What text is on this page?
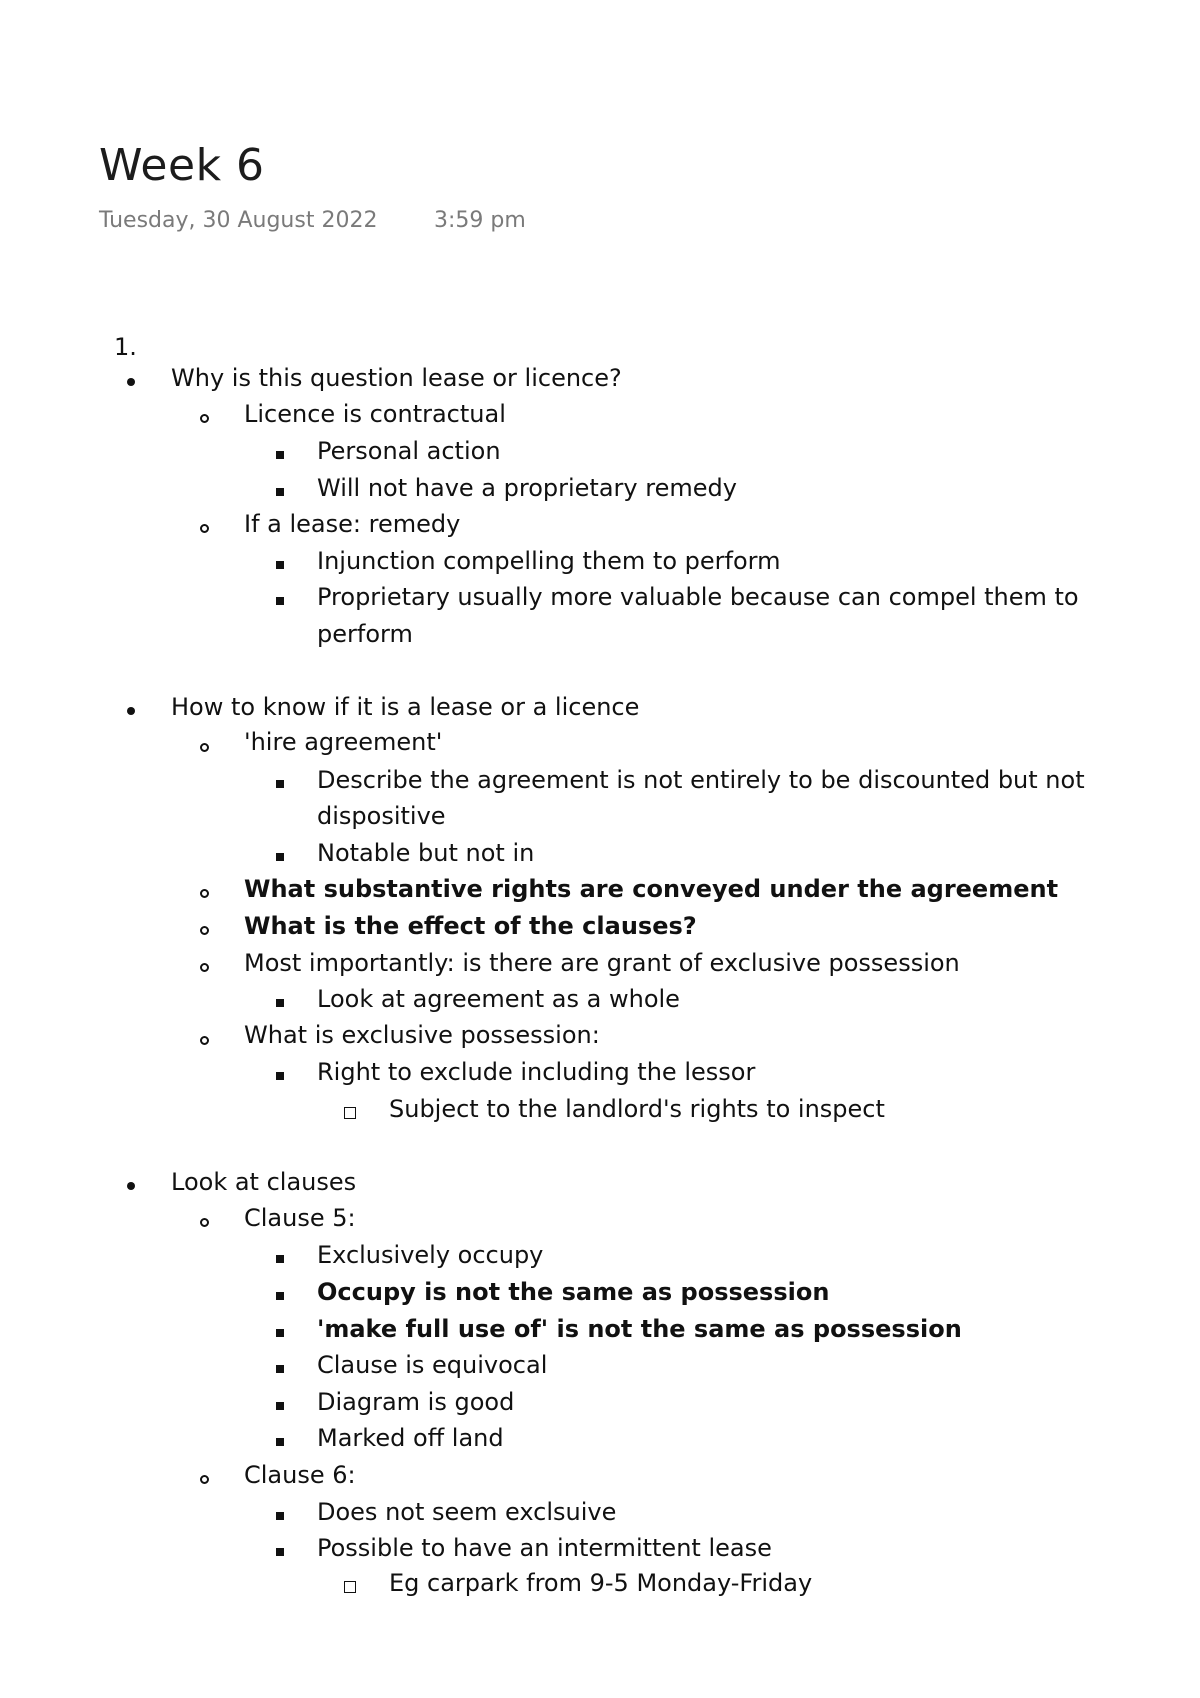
Week 6
Tuesday, 30 August 2022	3:59 pm
1.
Why is this question lease or licence?
Licence is contractual
Personal action
Will not have a proprietary remedy
If a lease: remedy
Injunction compelling them to perform
Proprietary usually more valuable because can compel them to
perform
How to know if it is a lease or a licence
'hire agreement'
Describe the agreement is not entirely to be discounted but not
dispositive
Notable but not in
What substantive rights are conveyed under the agreement
What is the effect of the clauses?
Most importantly: is there are grant of exclusive possession
Look at agreement as a whole
What is exclusive possession:
Right to exclude including the lessor
Subject to the landlord's rights to inspect
Look at clauses
Clause 5:
Exclusively occupy
Occupy is not the same as possession
'make full use of' is not the same as possession
Clause is equivocal
Diagram is good
Marked off land
Clause 6:
Does not seem exclsuive
Possible to have an intermittent lease
Eg carpark from 9-5 Monday-Friday
